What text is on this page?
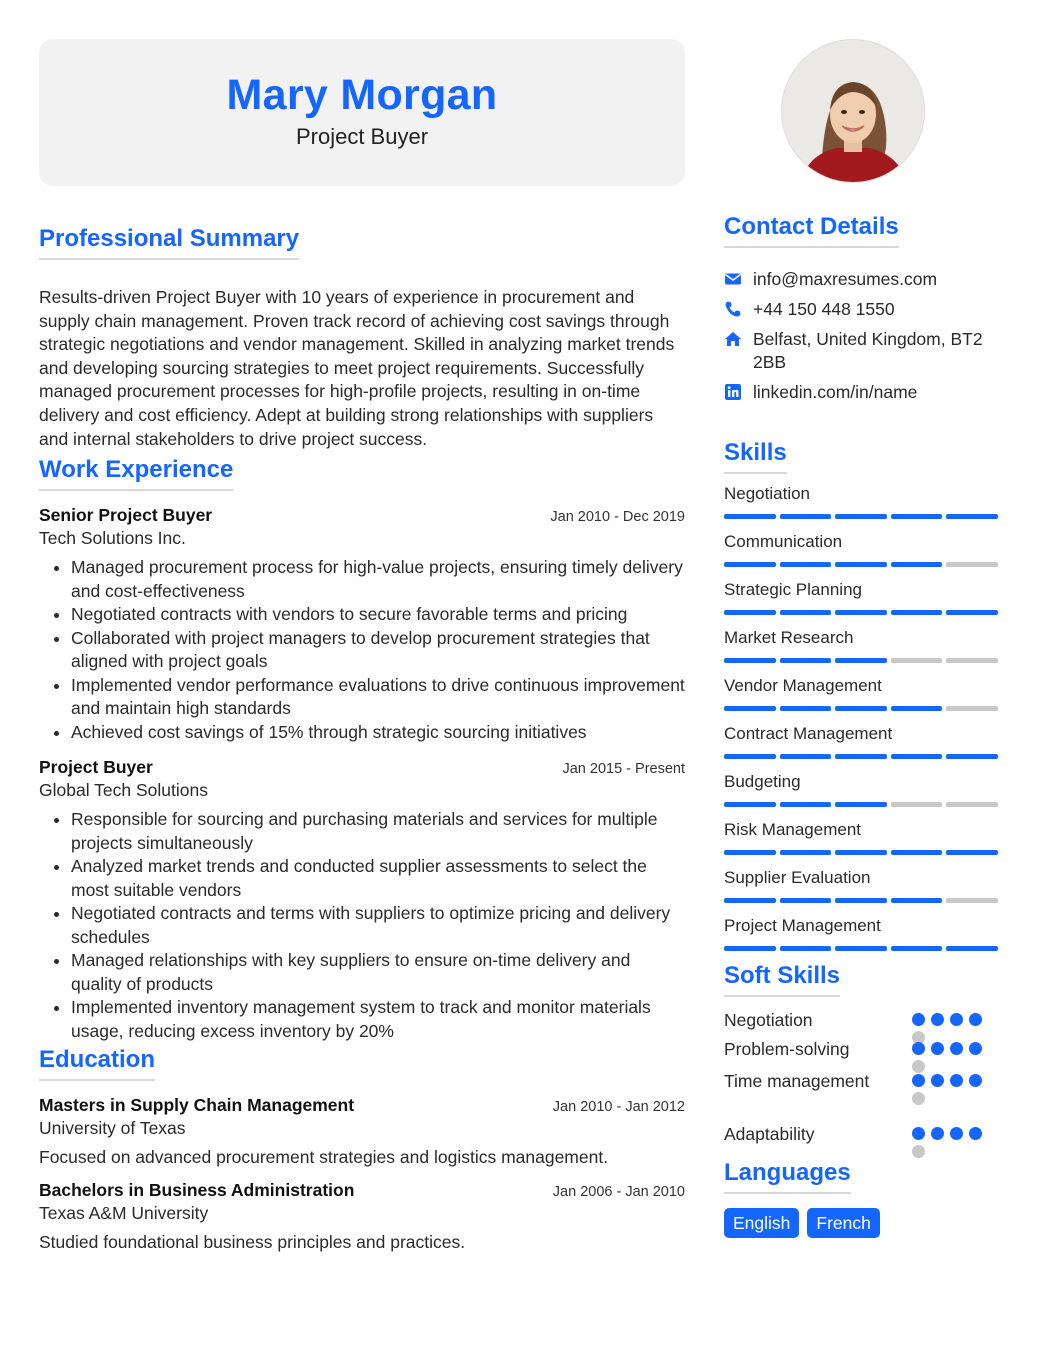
Mary Morgan
Project Buyer
Professional Summary
Results-driven Project Buyer with 10 years of experience in procurement and supply chain management. Proven track record of achieving cost savings through strategic negotiations and vendor management. Skilled in analyzing market trends and developing sourcing strategies to meet project requirements. Successfully managed procurement processes for high-profile projects, resulting in on-time delivery and cost efficiency. Adept at building strong relationships with suppliers and internal stakeholders to drive project success.
Work Experience
Senior Project Buyer	Jan 2010 - Dec 2019
Tech Solutions Inc.
• Managed procurement process for high-value projects, ensuring timely delivery and cost-effectiveness
• Negotiated contracts with vendors to secure favorable terms and pricing
• Collaborated with project managers to develop procurement strategies that aligned with project goals
• Implemented vendor performance evaluations to drive continuous improvement and maintain high standards
• Achieved cost savings of 15% through strategic sourcing initiatives
Project Buyer	Jan 2015 - Present
Global Tech Solutions
• Responsible for sourcing and purchasing materials and services for multiple projects simultaneously
• Analyzed market trends and conducted supplier assessments to select the most suitable vendors
• Negotiated contracts and terms with suppliers to optimize pricing and delivery schedules
• Managed relationships with key suppliers to ensure on-time delivery and quality of products
• Implemented inventory management system to track and monitor materials usage, reducing excess inventory by 20%
Education
Masters in Supply Chain Management	Jan 2010 - Jan 2012
University of Texas
Focused on advanced procurement strategies and logistics management.
Bachelors in Business Administration	Jan 2006 - Jan 2010
Texas A&M University
Studied foundational business principles and practices.
Contact Details
info@maxresumes.com
+44 150 448 1550
Belfast, United Kingdom, BT2 2BB
linkedin.com/in/name
Skills
Negotiation
Communication
Strategic Planning
Market Research
Vendor Management
Contract Management
Budgeting
Risk Management
Supplier Evaluation
Project Management
Soft Skills
Negotiation
Problem-solving
Time management
Adaptability
Languages
English	French
